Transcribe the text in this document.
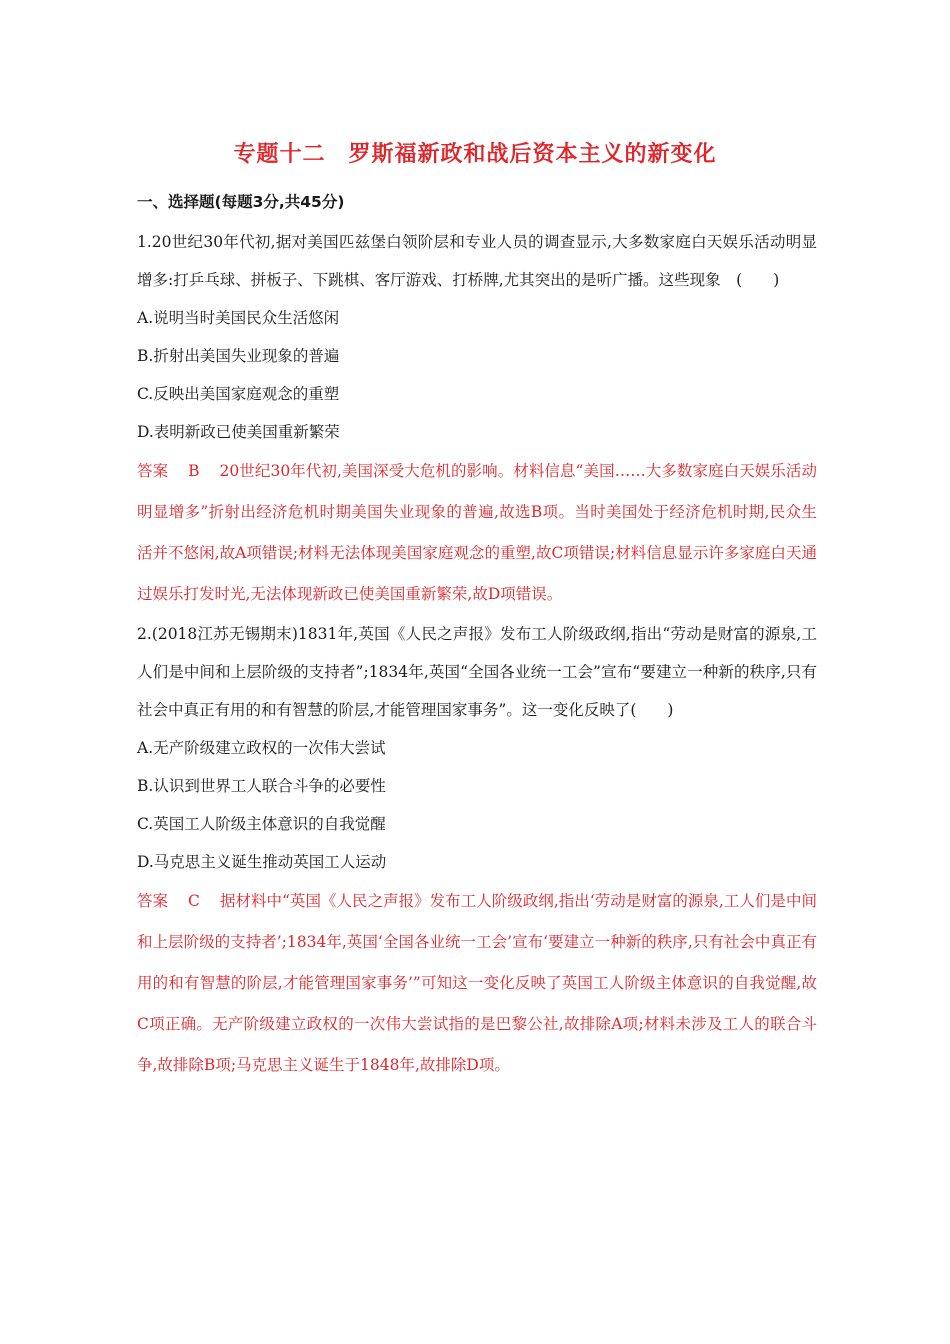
专题十二　罗斯福新政和战后资本主义的新变化
一、选择题(每题3分,共45分)

1.20世纪30年代初,据对美国匹兹堡白领阶层和专业人员的调查显示,大多数家庭白天娱乐活动明显增多:打乒乓球、拼板子、下跳棋、客厅游戏、打桥牌,尤其突出的是听广播。这些现象　(　　)

A.说明当时美国民众生活悠闲

B.折射出美国失业现象的普遍

C.反映出美国家庭观念的重塑

D.表明新政已使美国重新繁荣

答案 B 20世纪30年代初,美国深受大危机的影响。材料信息“美国……大多数家庭白天娱乐活动明显增多”折射出经济危机时期美国失业现象的普遍,故选B项。当时美国处于经济危机时期,民众生活并不悠闲,故A项错误;材料无法体现美国家庭观念的重塑,故C项错误;材料信息显示许多家庭白天通过娱乐打发时光,无法体现新政已使美国重新繁荣,故D项错误。

2.(2018江苏无锡期末)1831年,英国《人民之声报》发布工人阶级政纲,指出“劳动是财富的源泉,工人们是中间和上层阶级的支持者”;1834年,英国“全国各业统一工会”宣布“要建立一种新的秩序,只有社会中真正有用的和有智慧的阶层,才能管理国家事务”。这一变化反映了(　　)

A.无产阶级建立政权的一次伟大尝试

B.认识到世界工人联合斗争的必要性

C.英国工人阶级主体意识的自我觉醒

D.马克思主义诞生推动英国工人运动

答案 C 据材料中“英国《人民之声报》发布工人阶级政纲,指出‘劳动是财富的源泉,工人们是中间和上层阶级的支持者’;1834年,英国‘全国各业统一工会’宣布‘要建立一种新的秩序,只有社会中真正有用的和有智慧的阶层,才能管理国家事务’”可知这一变化反映了英国工人阶级主体意识的自我觉醒,故C项正确。无产阶级建立政权的一次伟大尝试指的是巴黎公社,故排除A项;材料未涉及工人的联合斗争,故排除B项;马克思主义诞生于1848年,故排除D项。
